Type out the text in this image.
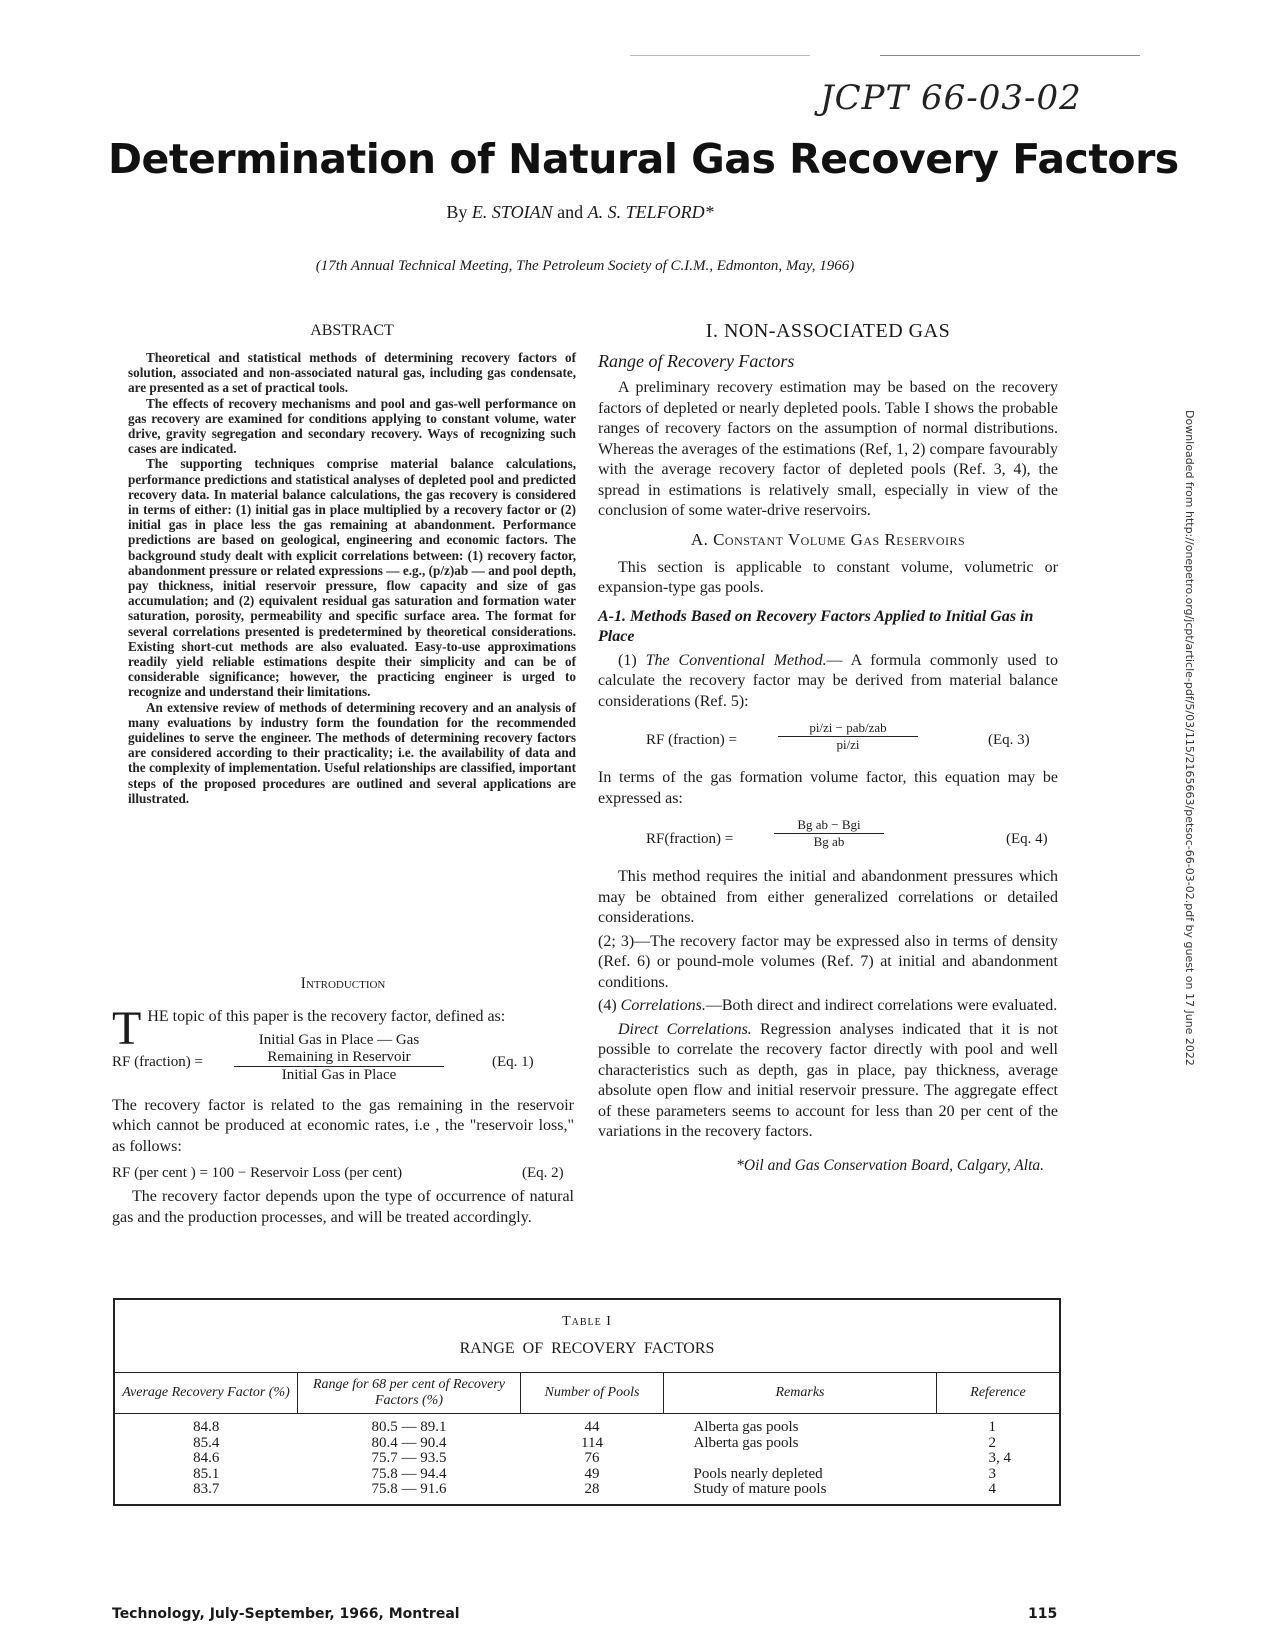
JCPT 66-03-02
Determination of Natural Gas Recovery Factors
By E. STOIAN and A. S. TELFORD*
(17th Annual Technical Meeting, The Petroleum Society of C.I.M., Edmonton, May, 1966)
ABSTRACT

Theoretical and statistical methods of determining recovery factors of solution, associated and non-associated natural gas, including gas condensate, are presented as a set of practical tools.

The effects of recovery mechanisms and pool and gas-well performance on gas recovery are examined for conditions applying to constant volume, water drive, gravity segregation and secondary recovery. Ways of recognizing such cases are indicated.

The supporting techniques comprise material balance calculations, performance predictions and statistical analyses of depleted pool and predicted recovery data. In material balance calculations, the gas recovery is considered in terms of either: (1) initial gas in place multiplied by a recovery factor or (2) initial gas in place less the gas remaining at abandonment. Performance predictions are based on geological, engineering and economic factors. The background study dealt with explicit correlations between: (1) recovery factor, abandonment pressure or related expressions — e.g., (p/z)ab — and pool depth, pay thickness, initial reservoir pressure, flow capacity and size of gas accumulation; and (2) equivalent residual gas saturation and formation water saturation, porosity, permeability and specific surface area. The format for several correlations presented is predetermined by theoretical considerations. Existing short-cut methods are also evaluated. Easy-to-use approximations readily yield reliable estimations despite their simplicity and can be of considerable significance; however, the practicing engineer is urged to recognize and understand their limitations.

An extensive review of methods of determining recovery and an analysis of many evaluations by industry form the foundation for the recommended guidelines to serve the engineer. The methods of determining recovery factors are considered according to their practicality; i.e. the availability of data and the complexity of implementation. Useful relationships are classified, important steps of the proposed procedures are outlined and several applications are illustrated.

Introduction

THE topic of this paper is the recovery factor, defined as:

RF (fraction) =
Initial Gas in Place — Gas
Remaining in Reservoir
Initial Gas in Place
(Eq. 1)

The recovery factor is related to the gas remaining in the reservoir which cannot be produced at economic rates, i.e , the "reservoir loss," as follows:

RF (per cent ) = 100 − Reservoir Loss (per cent)	(Eq. 2)

The recovery factor depends upon the type of occurrence of natural gas and the production processes, and will be treated accordingly.

I. NON-ASSOCIATED GAS
Range of Recovery Factors

A preliminary recovery estimation may be based on the recovery factors of depleted or nearly depleted pools. Table I shows the probable ranges of recovery factors on the assumption of normal distributions. Whereas the averages of the estimations (Ref, 1, 2) compare favourably with the average recovery factor of depleted pools (Ref. 3, 4), the spread in estimations is relatively small, especially in view of the conclusion of some water-drive reservoirs.

A. Constant Volume Gas Reservoirs

This section is applicable to constant volume, volumetric or expansion-type gas pools.

A-1. Methods Based on Recovery Factors Applied to Initial Gas in Place

(1) The Conventional Method.— A formula commonly used to calculate the recovery factor may be derived from material balance considerations (Ref. 5):

RF (fraction) =
pi/zi − pab/zab
pi/zi	(Eq. 3)

In terms of the gas formation volume factor, this equation may be expressed as:

RF(fraction) =
Bg ab − Bgi
Bg ab	(Eq. 4)

This method requires the initial and abandonment pressures which may be obtained from either generalized correlations or detailed considerations.

(2; 3)—The recovery factor may be expressed also in terms of density (Ref. 6) or pound-mole volumes (Ref. 7) at initial and abandonment conditions.

(4) Correlations.—Both direct and indirect correlations were evaluated.

Direct Correlations. Regression analyses indicated that it is not possible to correlate the recovery factor directly with pool and well characteristics such as depth, gas in place, pay thickness, average absolute open flow and initial reservoir pressure. The aggregate effect of these parameters seems to account for less than 20 per cent of the variations in the recovery factors.

*Oil and Gas Conservation Board, Calgary, Alta.
Table I
RANGE OF RECOVERY FACTORS
Average Recovery Factor (%)	Range for 68 per cent of Recovery Factors (%)	Number of Pools	Remarks	Reference

84.8	80.5 — 89.1	44	Alberta gas pools	1
85.4	80.4 — 90.4	114	Alberta gas pools	2
84.6	75.7 — 93.5	76		3, 4
85.1	75.8 — 94.4	49	Pools nearly depleted	3
83.7	75.8 — 91.6	28	Study of mature pools	4
Technology, July-September, 1966, Montreal	115
Downloaded from http://onepetro.org/jcpt/article-pdf/5/03/115/2165663/petsoc-66-03-02.pdf by guest on 17 June 2022
